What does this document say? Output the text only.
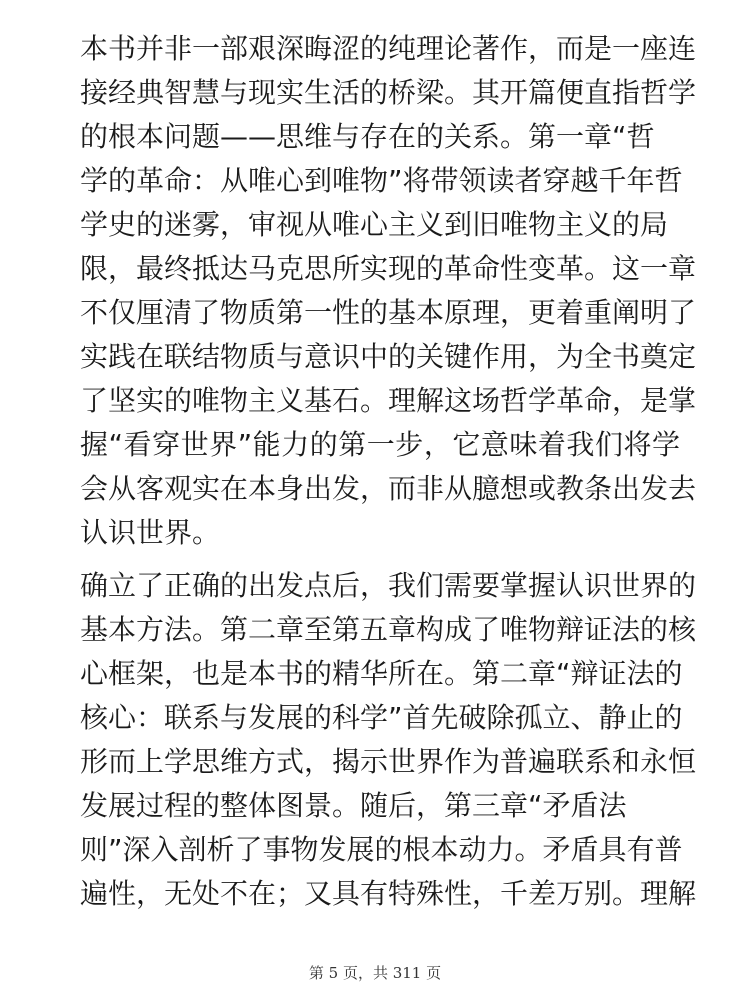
本书并非一部艰深晦涩的纯理论著作，而是一座连
接经典智慧与现实生活的桥梁。其开篇便直指哲学
的根本问题——思维与存在的关系。第一章“哲
学的革命：从唯心到唯物”将带领读者穿越千年哲
学史的迷雾，审视从唯心主义到旧唯物主义的局
限，最终抵达马克思所实现的革命性变革。这一章
不仅厘清了物质第一性的基本原理，更着重阐明了
实践在联结物质与意识中的关键作用，为全书奠定
了坚实的唯物主义基石。理解这场哲学革命，是掌
握“看穿世界”能力的第一步，它意味着我们将学
会从客观实在本身出发，而非从臆想或教条出发去
认识世界。
确立了正确的出发点后，我们需要掌握认识世界的
基本方法。第二章至第五章构成了唯物辩证法的核
心框架，也是本书的精华所在。第二章“辩证法的
核心：联系与发展的科学”首先破除孤立、静止的
形而上学思维方式，揭示世界作为普遍联系和永恒
发展过程的整体图景。随后，第三章“矛盾法
则”深入剖析了事物发展的根本动力。矛盾具有普
遍性，无处不在；又具有特殊性，千差万别。理解
第 5 页，共 311 页
